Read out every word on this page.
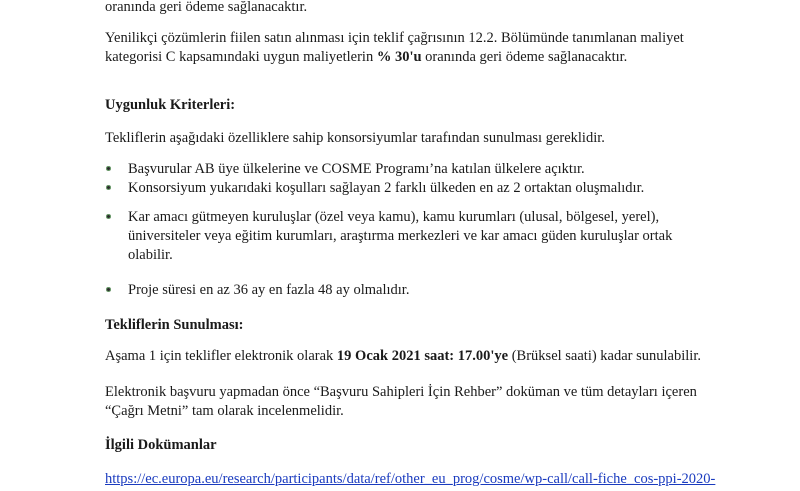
oranında geri ödeme sağlanacaktır.

Yenilikçi çözümlerin fiilen satın alınması için teklif çağrısının 12.2. Bölümünde tanımlanan maliyet
kategorisi C kapsamındaki uygun maliyetlerin % 30'u oranında geri ödeme sağlanacaktır.

Uygunluk Kriterleri:

Tekliflerin aşağıdaki özelliklere sahip konsorsiyumlar tarafından sunulması gereklidir.

Başvurular AB üye ülkelerine ve COSME Programı’na katılan ülkelere açıktır.
Konsorsiyum yukarıdaki koşulları sağlayan 2 farklı ülkeden en az 2 ortaktan oluşmalıdır.
Kar amacı gütmeyen kuruluşlar (özel veya kamu), kamu kurumları (ulusal, bölgesel, yerel),
üniversiteler veya eğitim kurumları, araştırma merkezleri ve kar amacı güden kuruluşlar ortak
olabilir.
Proje süresi en az 36 ay en fazla 48 ay olmalıdır.

Tekliflerin Sunulması:

Aşama 1 için teklifler elektronik olarak 19 Ocak 2021 saat: 17.00'ye (Brüksel saati) kadar sunulabilir.

Elektronik başvuru yapmadan önce “Başvuru Sahipleri İçin Rehber” doküman ve tüm detayları içeren
“Çağrı Metni” tam olarak incelenmelidir.

İlgili Dokümanlar

https://ec.europa.eu/research/participants/data/ref/other_eu_prog/cosme/wp-call/call-fiche_cos-ppi-2020-
